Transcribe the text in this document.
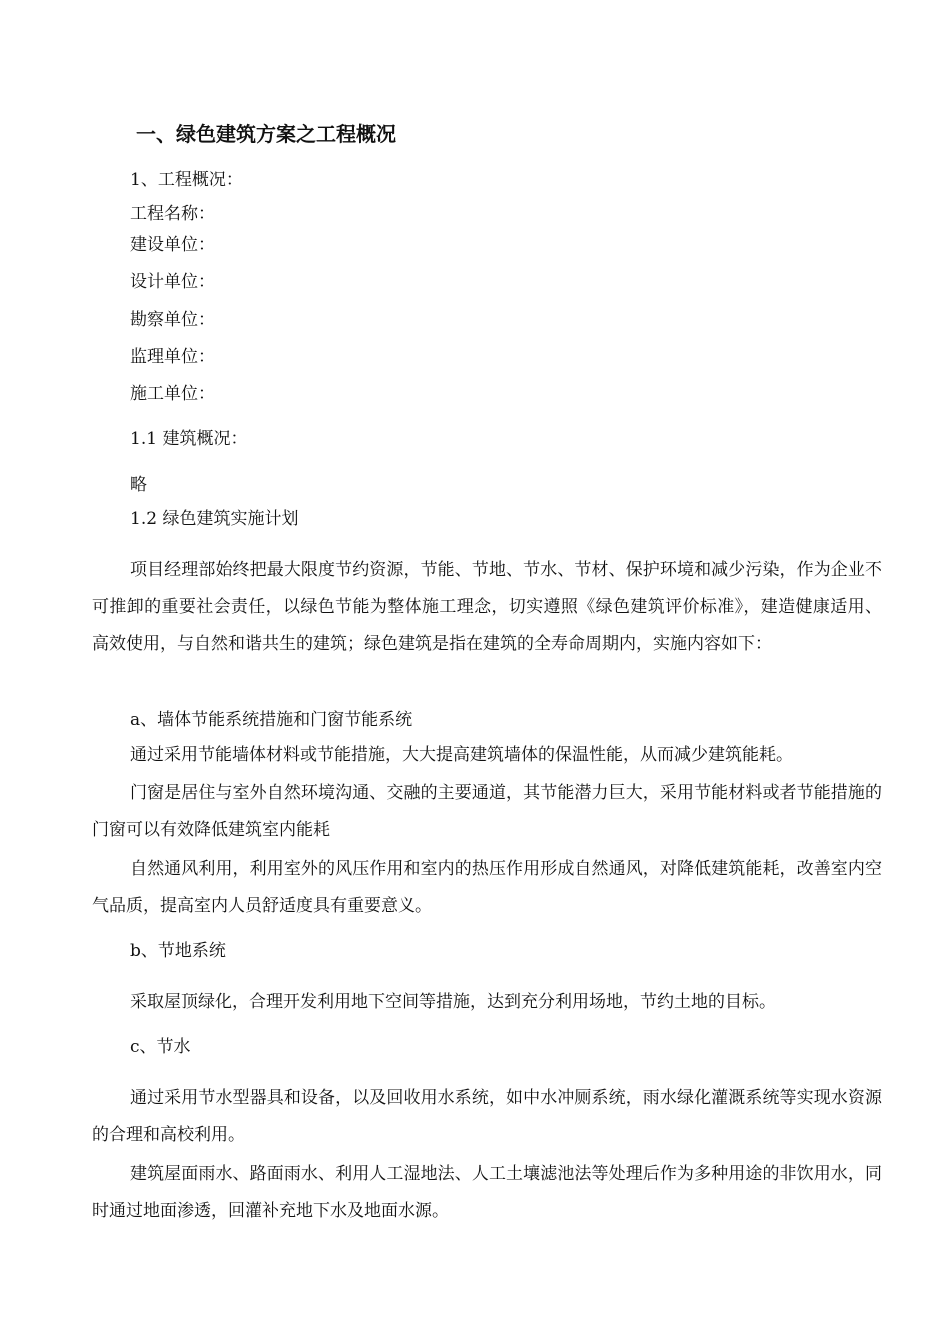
一、绿色建筑方案之工程概况

1、工程概况：

工程名称：

建设单位：

设计单位：

勘察单位：

监理单位：

施工单位：

1.1 建筑概况：

略

1.2 绿色建筑实施计划

项目经理部始终把最大限度节约资源，节能、节地、节水、节材、保护环境和减少污染，作为企业不可推卸的重要社会责任，以绿色节能为整体施工理念，切实遵照《绿色建筑评价标准》，建造健康适用、高效使用，与自然和谐共生的建筑；绿色建筑是指在建筑的全寿命周期内，实施内容如下：

a、墙体节能系统措施和门窗节能系统

通过采用节能墙体材料或节能措施，大大提高建筑墙体的保温性能，从而减少建筑能耗。

门窗是居住与室外自然环境沟通、交融的主要通道，其节能潜力巨大，采用节能材料或者节能措施的门窗可以有效降低建筑室内能耗

自然通风利用，利用室外的风压作用和室内的热压作用形成自然通风，对降低建筑能耗，改善室内空气品质，提高室内人员舒适度具有重要意义。

b、节地系统

采取屋顶绿化，合理开发利用地下空间等措施，达到充分利用场地，节约土地的目标。

c、节水

通过采用节水型器具和设备，以及回收用水系统，如中水冲厕系统，雨水绿化灌溉系统等实现水资源的合理和高校利用。

建筑屋面雨水、路面雨水、利用人工湿地法、人工土壤滤池法等处理后作为多种用途的非饮用水，同时通过地面渗透，回灌补充地下水及地面水源。
